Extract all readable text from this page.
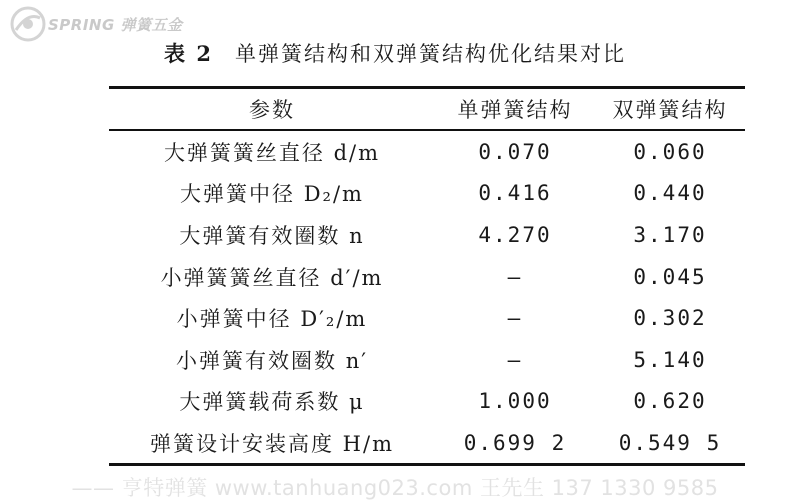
SPRING 弹簧五金
表 2 单弹簧结构和双弹簧结构优化结果对比
参数	单弹簧结构	双弹簧结构

大弹簧簧丝直径 d/m	0.070	0.060
大弹簧中径 D₂/m	0.416	0.440
大弹簧有效圈数 n	4.270	3.170
小弹簧簧丝直径 d′/m	—	0.045
小弹簧中径 D′₂/m	—	0.302
小弹簧有效圈数 n′	—	5.140
大弹簧载荷系数 μ	1.000	0.620
弹簧设计安装高度 H/m	0.699 2	0.549 5
—— 亨特弹簧 www.tanhuang023.com 王先生 137 1330 9585
